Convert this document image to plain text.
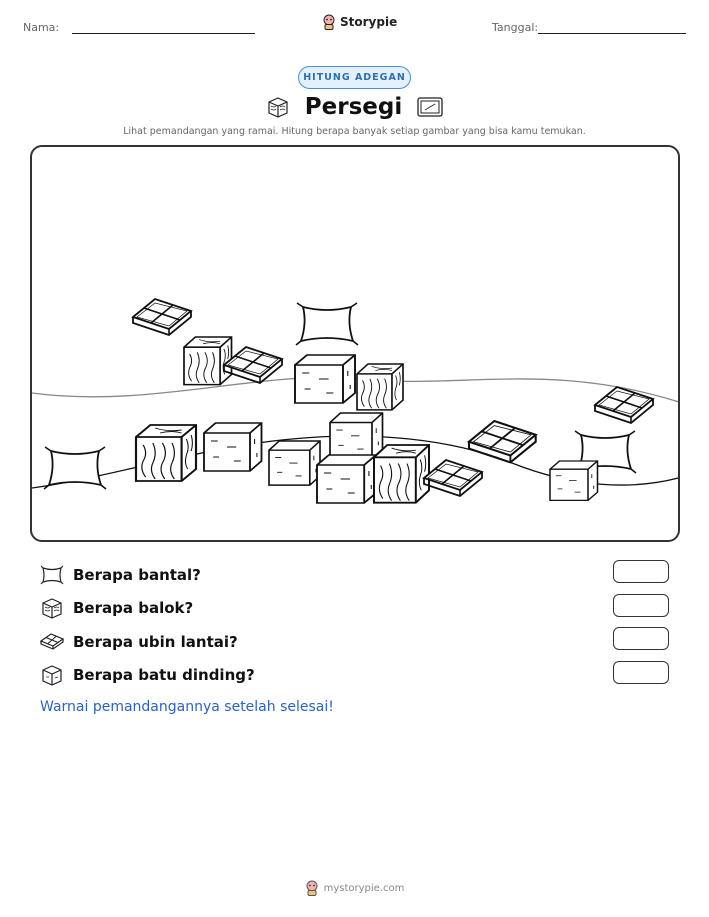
Nama:	Storypie	Tanggal:
HITUNG ADEGAN
Persegi
Lihat pemandangan yang ramai. Hitung berapa banyak setiap gambar yang bisa kamu temukan.
Berapa bantal?
Berapa balok?
Berapa ubin lantai?
Berapa batu dinding?
Warnai pemandangannya setelah selesai!
mystorypie.com
